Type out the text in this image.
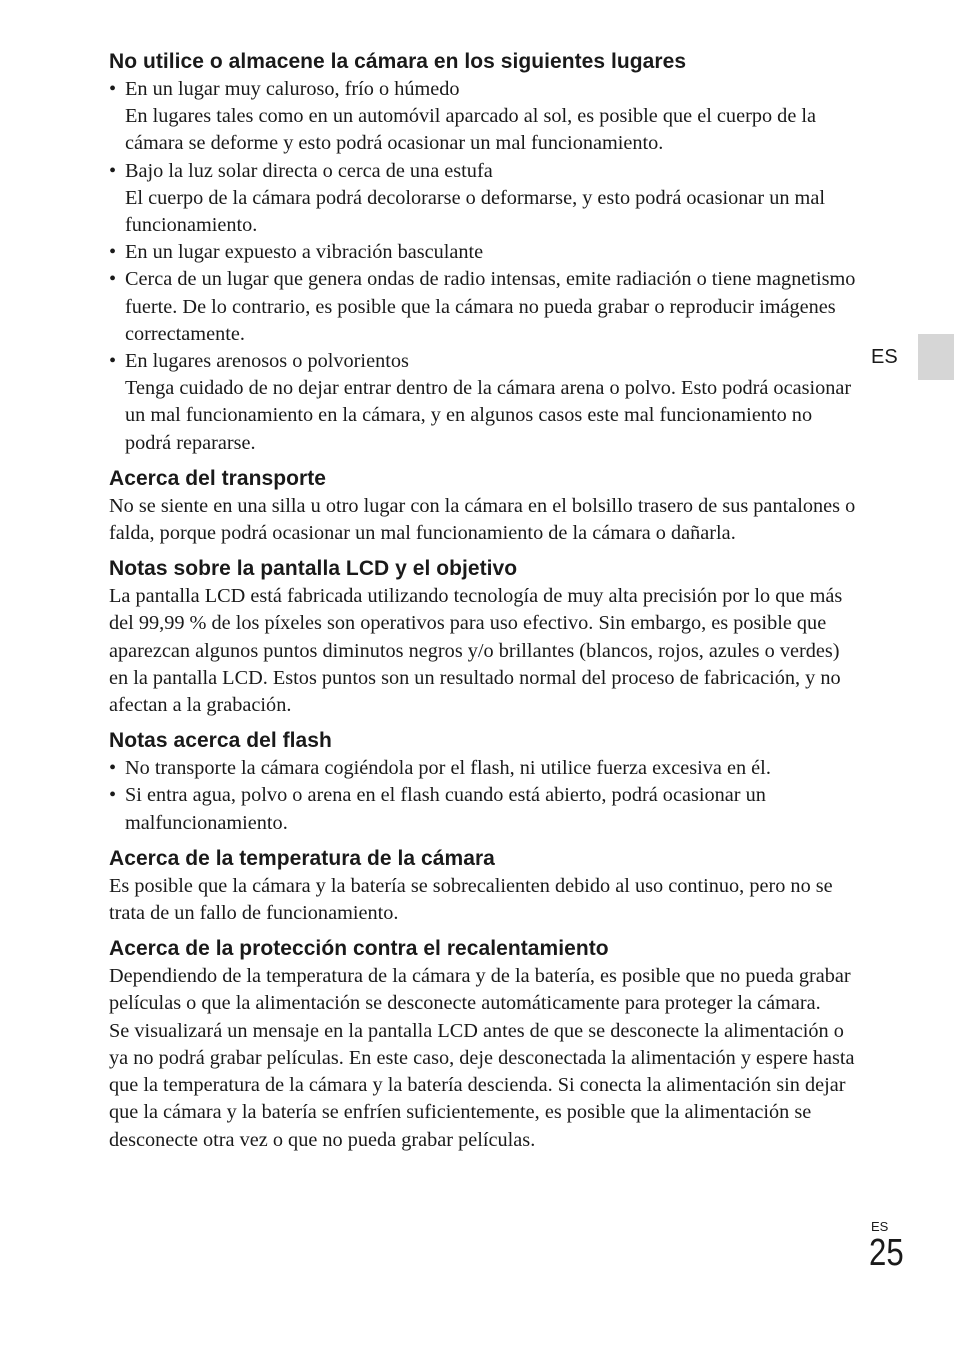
No utilice o almacene la cámara en los siguientes lugares
• En un lugar muy caluroso, frío o húmedo
En lugares tales como en un automóvil aparcado al sol, es posible que el cuerpo de la cámara se deforme y esto podrá ocasionar un mal funcionamiento.
• Bajo la luz solar directa o cerca de una estufa
El cuerpo de la cámara podrá decolorarse o deformarse, y esto podrá ocasionar un mal funcionamiento.
• En un lugar expuesto a vibración basculante
• Cerca de un lugar que genera ondas de radio intensas, emite radiación o tiene magnetismo fuerte. De lo contrario, es posible que la cámara no pueda grabar o reproducir imágenes correctamente.
• En lugares arenosos o polvorientos
Tenga cuidado de no dejar entrar dentro de la cámara arena o polvo. Esto podrá ocasionar un mal funcionamiento en la cámara, y en algunos casos este mal funcionamiento no podrá repararse.
Acerca del transporte

No se siente en una silla u otro lugar con la cámara en el bolsillo trasero de sus pantalones o falda, porque podrá ocasionar un mal funcionamiento de la cámara o dañarla.

Notas sobre la pantalla LCD y el objetivo

La pantalla LCD está fabricada utilizando tecnología de muy alta precisión por lo que más del 99,99 % de los píxeles son operativos para uso efectivo. Sin embargo, es posible que aparezcan algunos puntos diminutos negros y/o brillantes (blancos, rojos, azules o verdes) en la pantalla LCD. Estos puntos son un resultado normal del proceso de fabricación, y no afectan a la grabación.

Notas acerca del flash
• No transporte la cámara cogiéndola por el flash, ni utilice fuerza excesiva en él.
• Si entra agua, polvo o arena en el flash cuando está abierto, podrá ocasionar un malfuncionamiento.
Acerca de la temperatura de la cámara

Es posible que la cámara y la batería se sobrecalienten debido al uso continuo, pero no se trata de un fallo de funcionamiento.

Acerca de la protección contra el recalentamiento

Dependiendo de la temperatura de la cámara y de la batería, es posible que no pueda grabar películas o que la alimentación se desconecte automáticamente para proteger la cámara.

Se visualizará un mensaje en la pantalla LCD antes de que se desconecte la alimentación o ya no podrá grabar películas. En este caso, deje desconectada la alimentación y espere hasta que la temperatura de la cámara y la batería descienda. Si conecta la alimentación sin dejar que la cámara y la batería se enfríen suficientemente, es posible que la alimentación se desconecte otra vez o que no pueda grabar películas.

ES
ES
25
